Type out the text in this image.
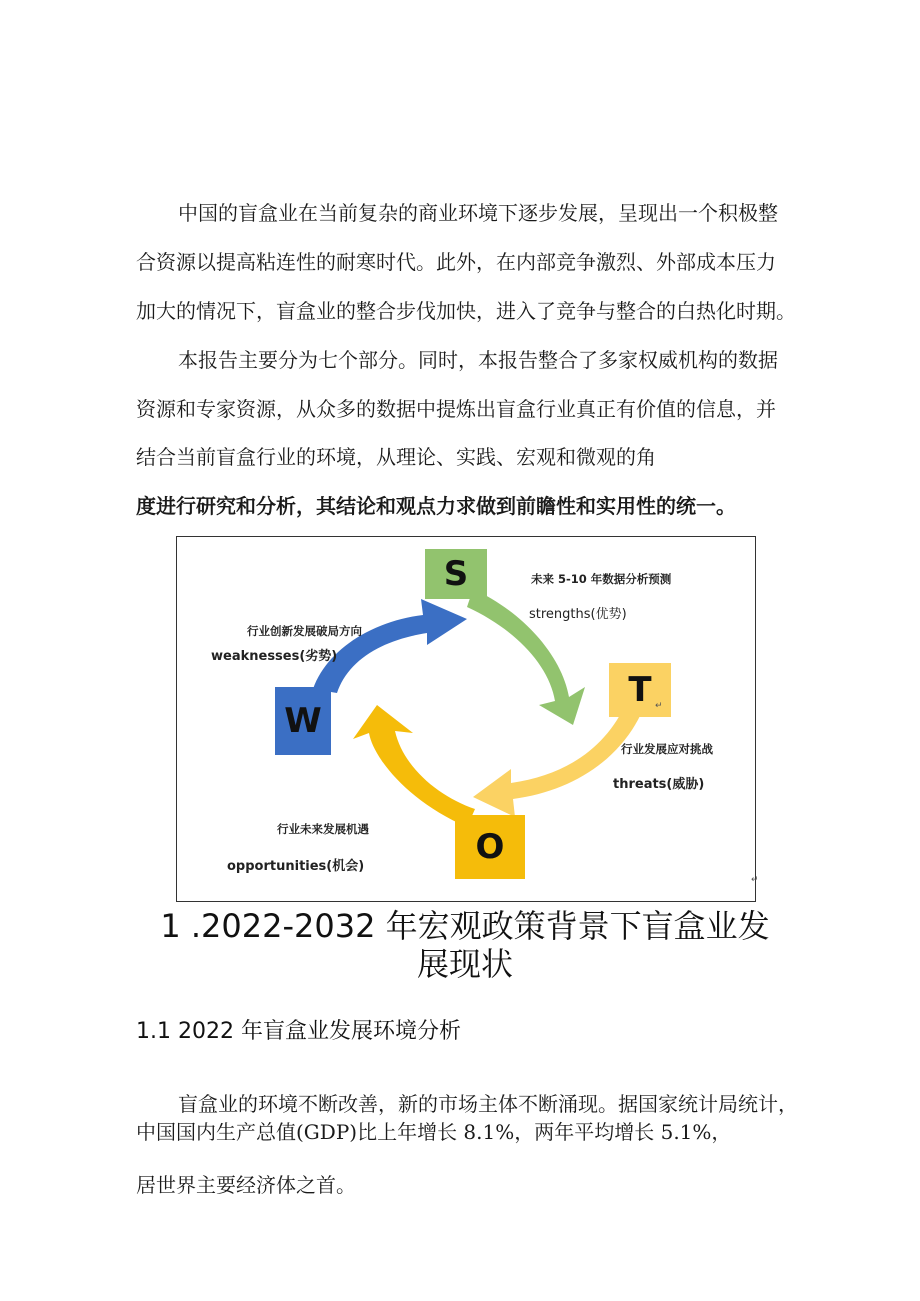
中国的盲盒业在当前复杂的商业环境下逐步发展，呈现出一个积极整
合资源以提高粘连性的耐寒时代。此外，在内部竞争激烈、外部成本压力
加大的情况下，盲盒业的整合步伐加快，进入了竞争与整合的白热化时期。
本报告主要分为七个部分。同时，本报告整合了多家权威机构的数据
资源和专家资源，从众多的数据中提炼出盲盒行业真正有价值的信息，并
结合当前盲盒行业的环境，从理论、实践、宏观和微观的角
度进行研究和分析，其结论和观点力求做到前瞻性和实用性的统一。
S
W
T
O
未来 5-10 年数据分析预测
strengths(优势)
行业创新发展破局方向
weaknesses(劣势)
行业发展应对挑战
threats(威胁)
行业未来发展机遇
opportunities(机会)
↵
↵
1 .2022-2032 年宏观政策背景下盲盒业发
展现状
1.1 2022 年盲盒业发展环境分析
盲盒业的环境不断改善，新的市场主体不断涌现。据国家统计局统计，
中国国内生产总值(GDP)比上年增长 8.1%，两年平均增长 5.1%，
居世界主要经济体之首。
